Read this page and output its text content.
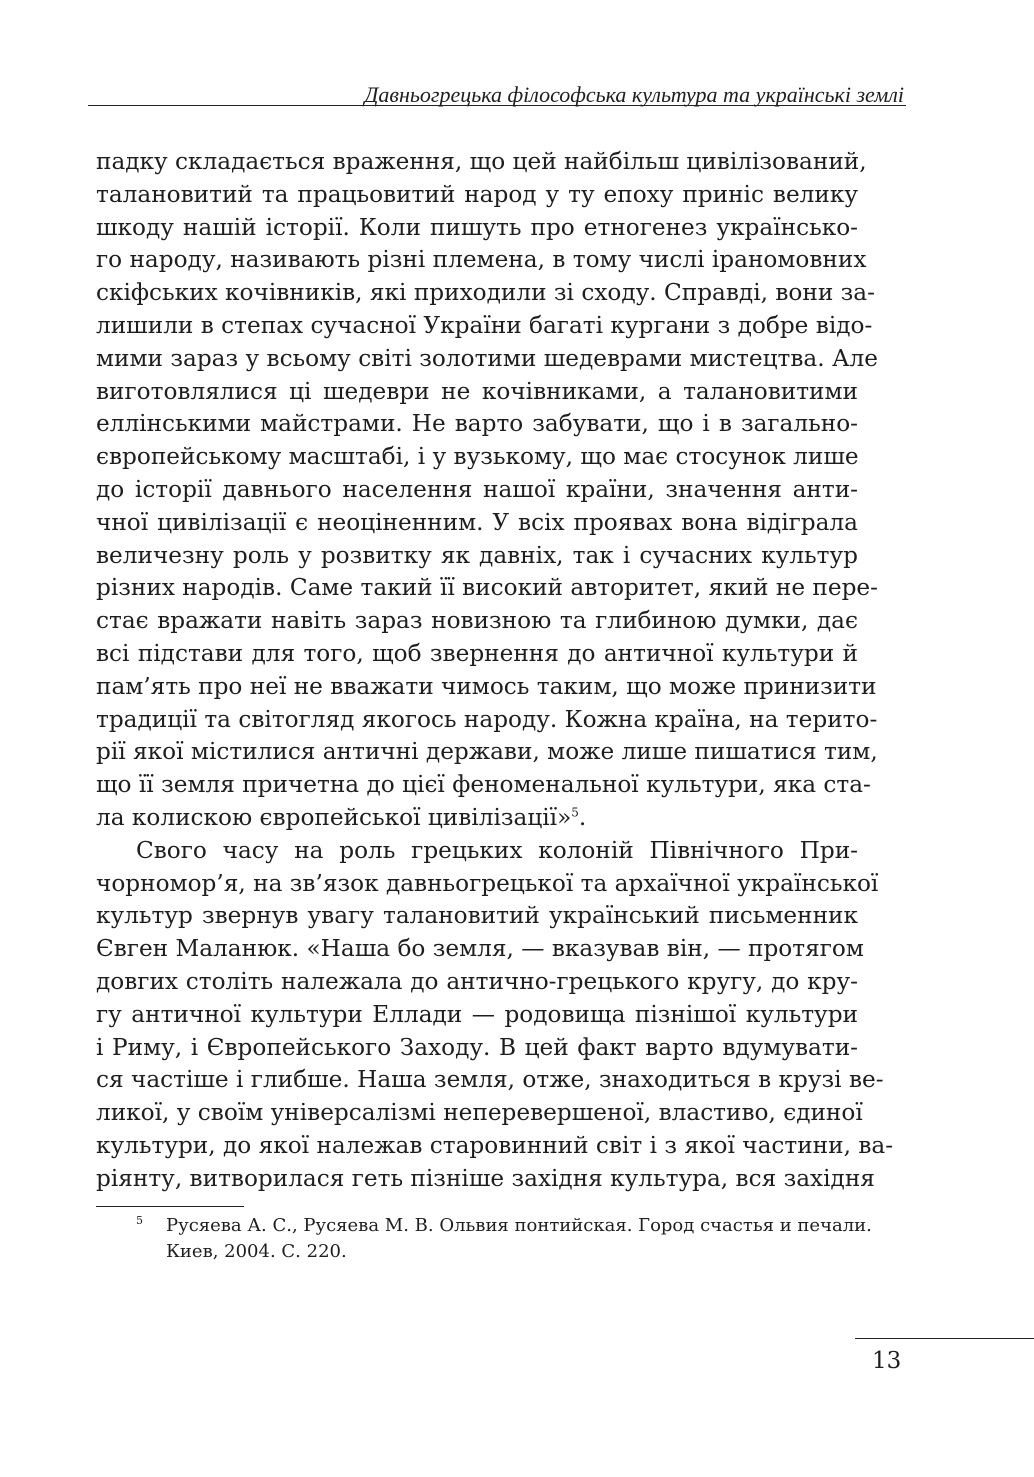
Давньогрецька філософська культура та українські землі
падку складається враження, що цей найбільш цивілізований,
талановитий та працьовитий народ у ту епоху приніс велику
шкоду нашій історії. Коли пишуть про етногенез українсько-
го народу, називають різні племена, в тому числі іраномовних
скіфських кочівників, які приходили зі сходу. Справді, вони за-
лишили в степах сучасної України багаті кургани з добре відо-
мими зараз у всьому світі золотими шедеврами мистецтва. Але
виготовлялися ці шедеври не кочівниками, а талановитими
еллінськими майстрами. Не варто забувати, що і в загально-
європейському масштабі, і у вузькому, що має стосунок лише
до історії давнього населення нашої країни, значення анти-
чної цивілізації є неоціненним. У всіх проявах вона відіграла
величезну роль у розвитку як давніх, так і сучасних культур
різних народів. Саме такий її високий авторитет, який не пере-
стає вражати навіть зараз новизною та глибиною думки, дає
всі підстави для того, щоб звернення до античної культури й
пам’ять про неї не вважати чимось таким, що може принизити
традиції та світогляд якогось народу. Кожна країна, на терито-
рії якої містилися античні держави, може лише пишатися тим,
що її земля причетна до цієї феноменальної культури, яка ста-
ла колискою європейської цивілізації»$^5$.
Свого часу на роль грецьких колоній Північного При-
чорномор’я, на зв’язок давньогрецької та архаїчної української
культур звернув увагу талановитий український письменник
Євген Маланюк. «Наша бо земля, — вказував він, — протягом
довгих століть належала до антично-грецького кругу, до кру-
гу античної культури Еллади — родовища пізнішої культури
і Риму, і Європейського Заходу. В цей факт варто вдумувати-
ся частіше і глибше. Наша земля, отже, знаходиться в крузі ве-
ликої, у своїм універсалізмі неперевершеної, властиво, єдиної
культури, до якої належав старовинний світ і з якої частини, ва-
ріянту, витворилася геть пізніше західня культура, вся західня
5 Русяева А. С., Русяева М. В. Ольвия понтийская. Город счастья и печали.
Киев, 2004. С. 220.
13
